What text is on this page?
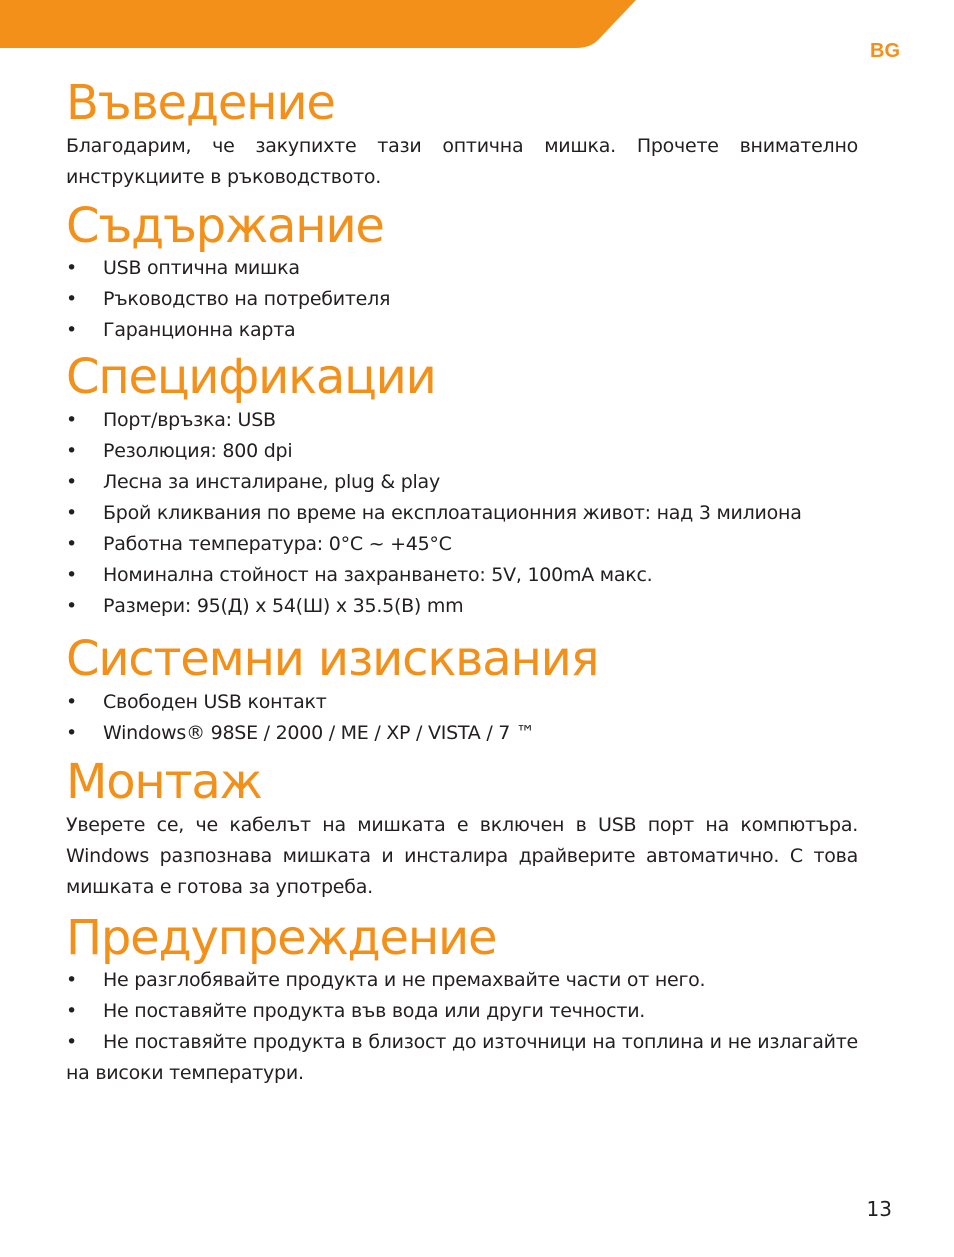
BG
Въведение

Благодарим, че закупихте тази оптична мишка. Прочете внимателно инструкциите в ръководството.

Съдържание
• USB оптична мишка
• Ръководство на потребителя
• Гаранционна карта
Спецификации
• Порт/връзка: USB
• Резолюция: 800 dpi
• Лесна за инсталиране, plug & play
• Брой кликвания по време на експлоатационния живот: над 3 милиона
• Работна температура: 0°C ~ +45°C
• Номинална стойност на захранването: 5V, 100mA макс.
• Размери: 95(Д) x 54(Ш) x 35.5(В) mm
Системни изисквания
• Свободен USB контакт
• Windows® 98SE / 2000 / ME / XP / VISTA / 7 ™
Монтаж

Уверете се, че кабелът на мишката е включен в USB порт на компютъра. Windows разпознава мишката и инсталира драйверите автоматично. С това мишката е готова за употреба.

Предупреждение
• Не разглобявайте продукта и не премахвайте части от него.
• Не поставяйте продукта във вода или други течности.
• Не поставяйте продукта в близост до източници на топлина и не излагайте на високи температури.
13
